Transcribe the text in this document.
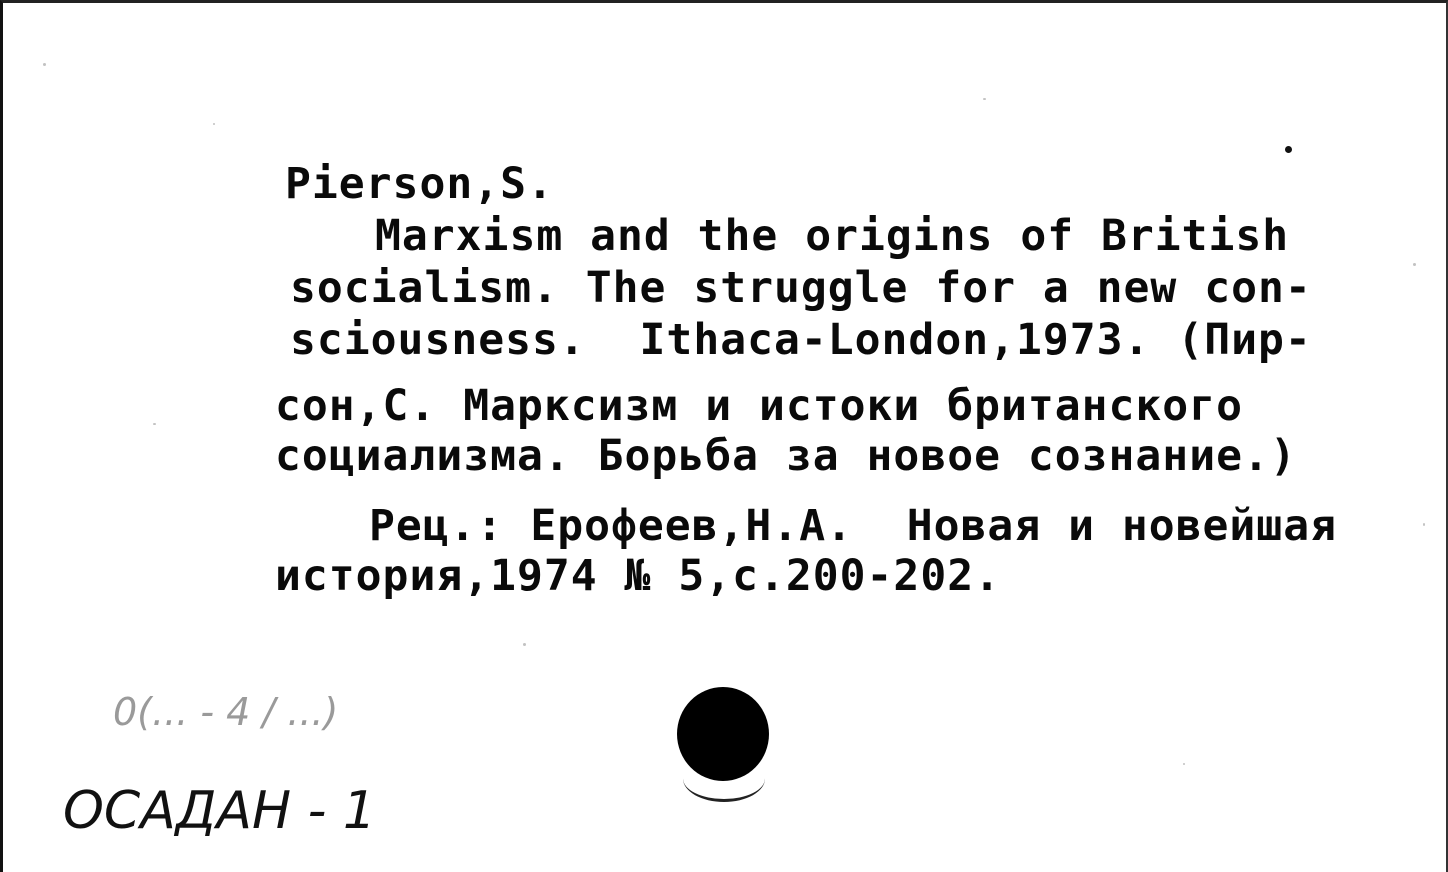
Pierson,S.
Marxism and the origins of British
socialism. The struggle for a new con-
sciousness.  Ithaca-London,1973. (Пир-
сон,С. Марксизм и истоки британского
социализма. Борьба за новое сознание.)
Рец.: Ерофеев,Н.А.  Новая и новейшая
история,1974 № 5,с.200-202.
0(... - 4 / ...)
ОСАДАН - 1
